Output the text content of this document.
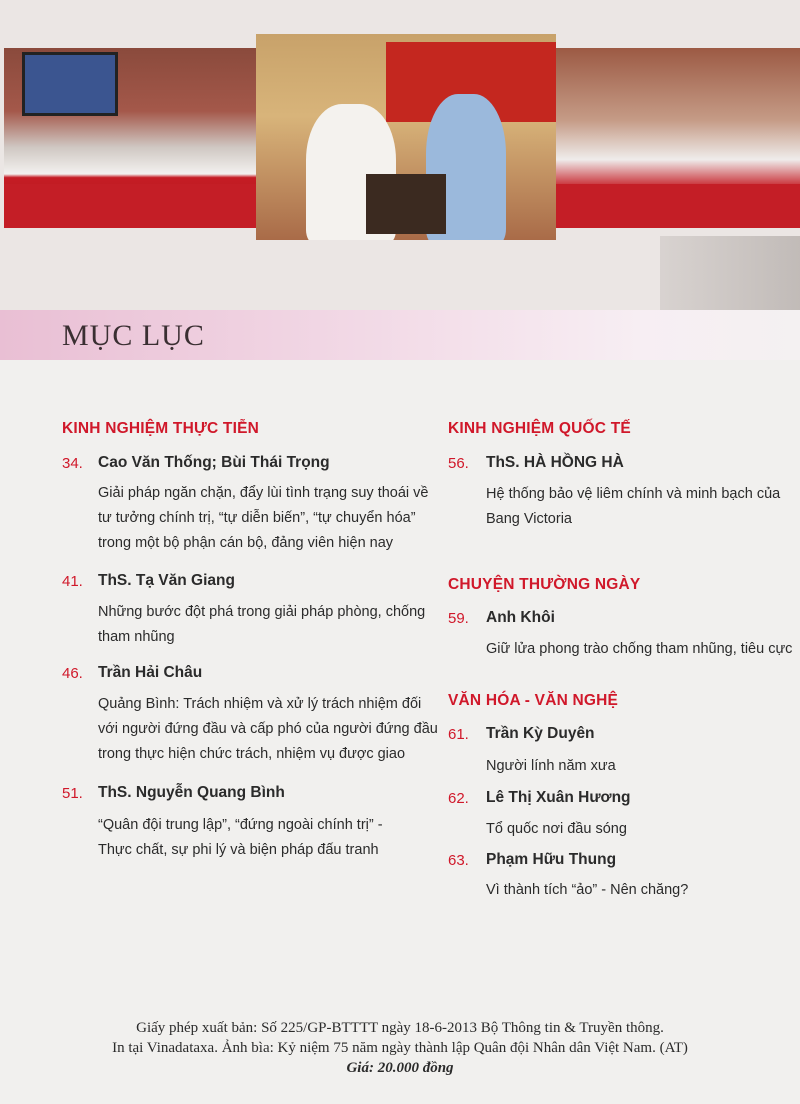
MỤC LỤC
KINH NGHIỆM THỰC TIỄN
34. Cao Văn Thống; Bùi Thái Trọng
Giải pháp ngăn chặn, đẩy lùi tình trạng suy thoái về
tư tưởng chính trị, “tự diễn biến”, “tự chuyển hóa”
trong một bộ phận cán bộ, đảng viên hiện nay
41. ThS. Tạ Văn Giang
Những bước đột phá trong giải pháp phòng, chống
tham nhũng
46. Trần Hải Châu
Quảng Bình: Trách nhiệm và xử lý trách nhiệm đối
với người đứng đầu và cấp phó của người đứng đầu
trong thực hiện chức trách, nhiệm vụ được giao
51. ThS. Nguyễn Quang Bình
“Quân đội trung lập”, “đứng ngoài chính trị” -
Thực chất, sự phi lý và biện pháp đấu tranh
KINH NGHIỆM QUỐC TẾ
56. ThS. HÀ HỒNG HÀ
Hệ thống bảo vệ liêm chính và minh bạch của
Bang Victoria
CHUYỆN THƯỜNG NGÀY
59. Anh Khôi
Giữ lửa phong trào chống tham nhũng, tiêu cực
VĂN HÓA - VĂN NGHỆ
61. Trần Kỳ Duyên
Người lính năm xưa
62. Lê Thị Xuân Hương
Tổ quốc nơi đầu sóng
63. Phạm Hữu Thung
Vì thành tích “ảo” - Nên chăng?
Giấy phép xuất bản: Số 225/GP-BTTTT ngày 18-6-2013 Bộ Thông tin & Truyền thông.
In tại Vinadataxa. Ảnh bìa: Kỷ niệm 75 năm ngày thành lập Quân đội Nhân dân Việt Nam. (AT)
Giá: 20.000 đồng
